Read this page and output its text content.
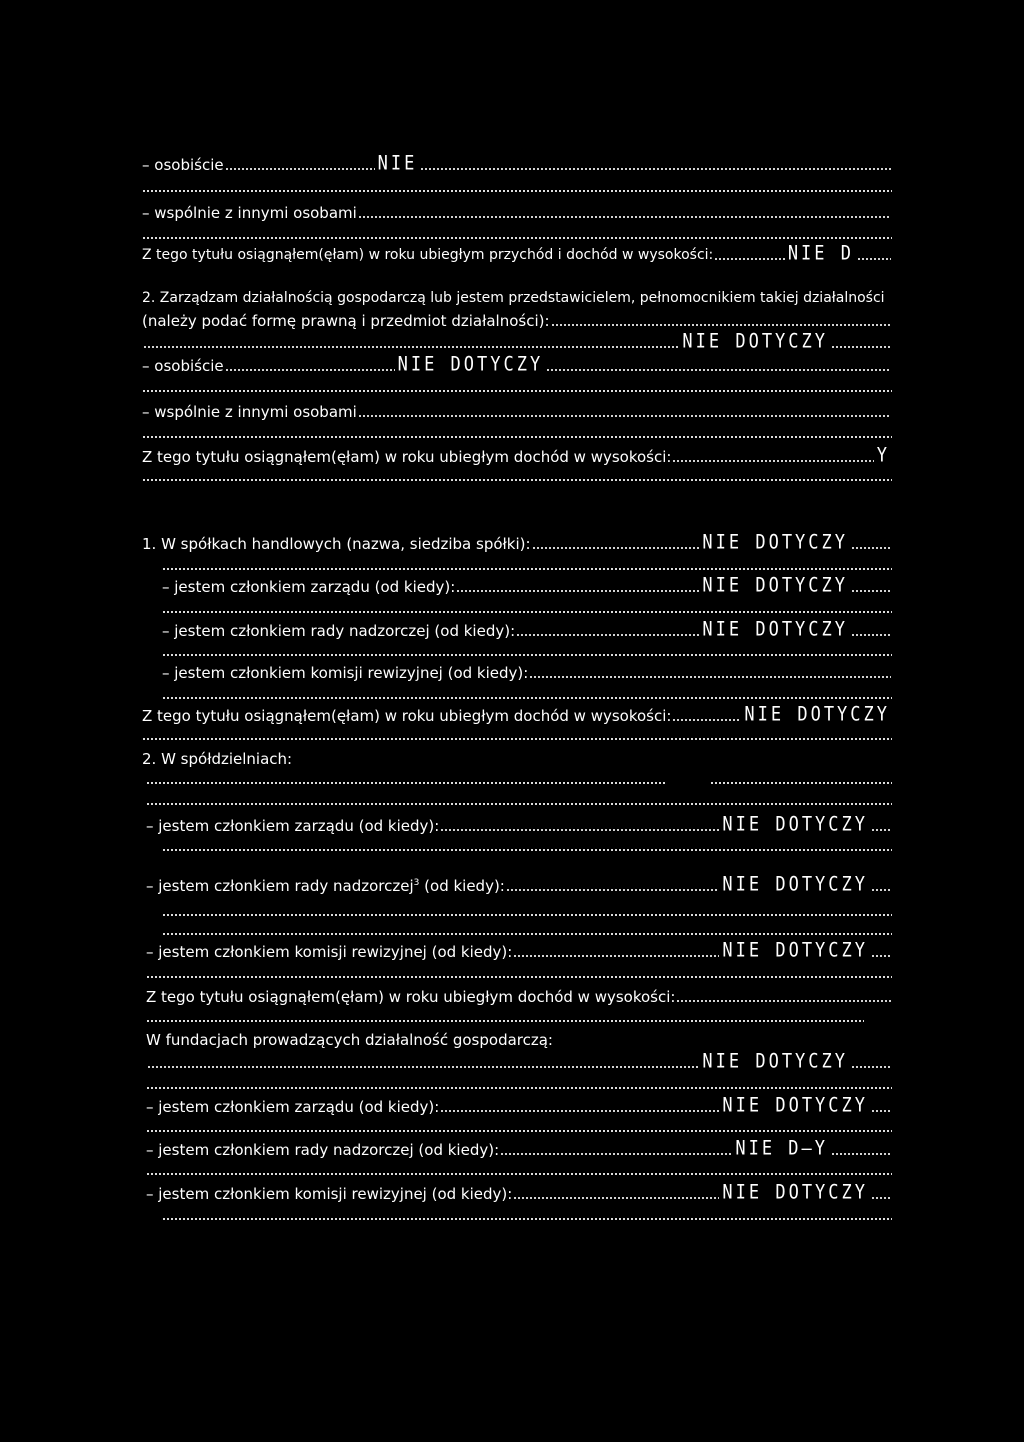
– osobiście	NIE
– wspólnie z innymi osobami
Z tego tytułu osiągnąłem(ęłam) w roku ubiegłym przychód i dochód w wysokości:	NIE D
2. Zarządzam działalnością gospodarczą lub jestem przedstawicielem, pełnomocnikiem takiej działalności
(należy podać formę prawną i przedmiot działalności):
NIE DOTYCZY
– osobiście	NIE DOTYCZY
– wspólnie z innymi osobami
Z tego tytułu osiągnąłem(ęłam) w roku ubiegłym dochód w wysokości:	Y
1. W spółkach handlowych (nazwa, siedziba spółki):	NIE DOTYCZY
– jestem członkiem zarządu (od kiedy):	NIE DOTYCZY
– jestem członkiem rady nadzorczej (od kiedy):	NIE DOTYCZY
– jestem członkiem komisji rewizyjnej (od kiedy):
Z tego tytułu osiągnąłem(ęłam) w roku ubiegłym dochód w wysokości:	NIE DOTYCZY
2. W spółdzielniach:
– jestem członkiem zarządu (od kiedy):	NIE DOTYCZY
– jestem członkiem rady nadzorczej$^3$ (od kiedy):	NIE DOTYCZY
– jestem członkiem komisji rewizyjnej (od kiedy):	NIE DOTYCZY
Z tego tytułu osiągnąłem(ęłam) w roku ubiegłym dochód w wysokości:
W fundacjach prowadzących działalność gospodarczą:
NIE DOTYCZY
– jestem członkiem zarządu (od kiedy):	NIE DOTYCZY
– jestem członkiem rady nadzorczej (od kiedy):	NIE D—Y
– jestem członkiem komisji rewizyjnej (od kiedy):	NIE DOTYCZY
